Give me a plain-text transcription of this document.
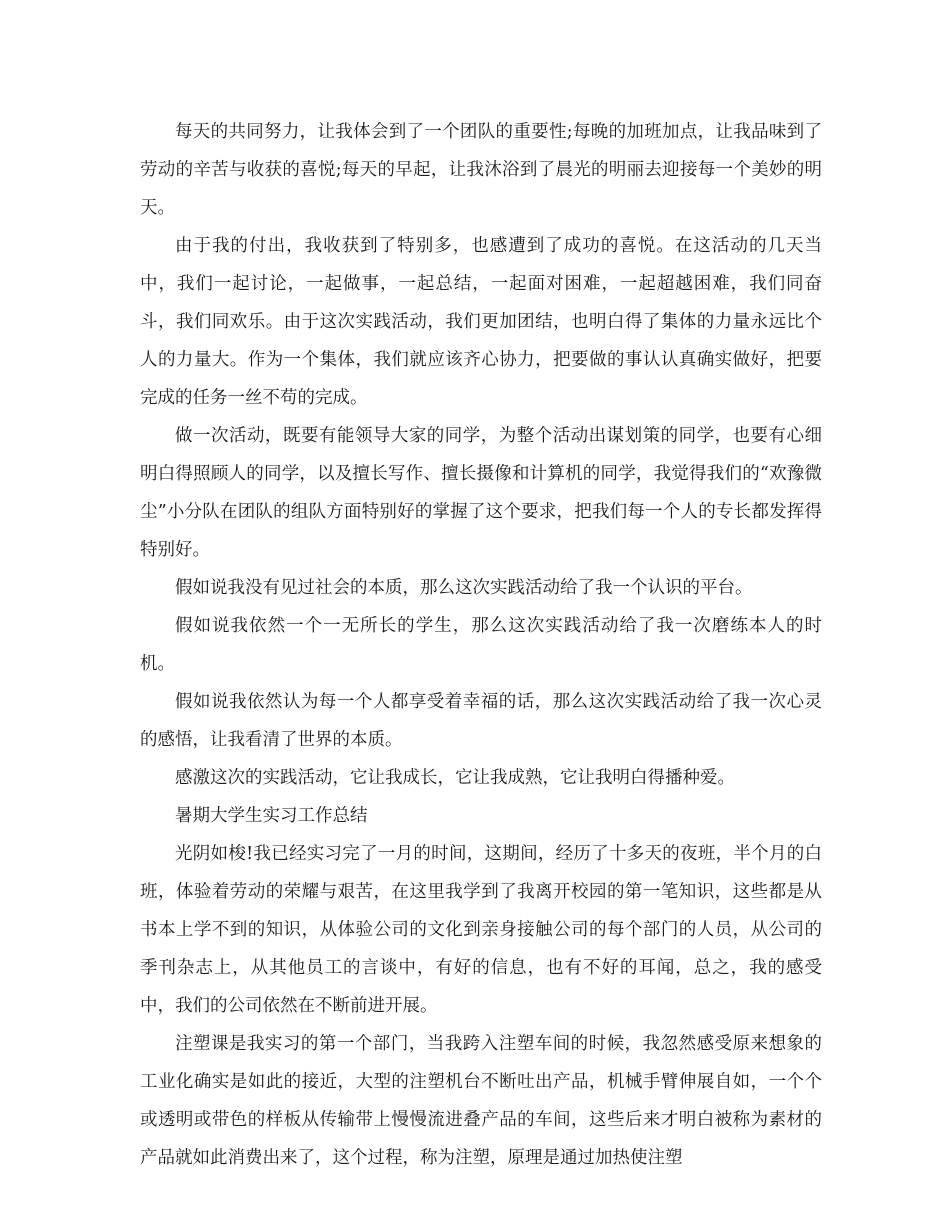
每天的共同努力，让我体会到了一个团队的重要性;每晚的加班加点，让我品味到了劳动的辛苦与收获的喜悦;每天的早起，让我沐浴到了晨光的明丽去迎接每一个美妙的明天。

由于我的付出，我收获到了特别多，也感遭到了成功的喜悦。在这活动的几天当中，我们一起讨论，一起做事，一起总结，一起面对困难，一起超越困难，我们同奋斗，我们同欢乐。由于这次实践活动，我们更加团结，也明白得了集体的力量永远比个人的力量大。作为一个集体，我们就应该齐心协力，把要做的事认认真确实做好，把要完成的任务一丝不苟的完成。

做一次活动，既要有能领导大家的同学，为整个活动出谋划策的同学，也要有心细明白得照顾人的同学，以及擅长写作、擅长摄像和计算机的同学，我觉得我们的“欢豫微尘”小分队在团队的组队方面特别好的掌握了这个要求，把我们每一个人的专长都发挥得特别好。

假如说我没有见过社会的本质，那么这次实践活动给了我一个认识的平台。

假如说我依然一个一无所长的学生，那么这次实践活动给了我一次磨练本人的时机。

假如说我依然认为每一个人都享受着幸福的话，那么这次实践活动给了我一次心灵的感悟，让我看清了世界的本质。

感激这次的实践活动，它让我成长，它让我成熟，它让我明白得播种爱。

暑期大学生实习工作总结

光阴如梭!我已经实习完了一月的时间，这期间，经历了十多天的夜班，半个月的白班，体验着劳动的荣耀与艰苦，在这里我学到了我离开校园的第一笔知识，这些都是从书本上学不到的知识，从体验公司的文化到亲身接触公司的每个部门的人员，从公司的季刊杂志上，从其他员工的言谈中，有好的信息，也有不好的耳闻，总之，我的感受中，我们的公司依然在不断前进开展。

注塑课是我实习的第一个部门，当我跨入注塑车间的时候，我忽然感受原来想象的工业化确实是如此的接近，大型的注塑机台不断吐出产品，机械手臂伸展自如，一个个或透明或带色的样板从传输带上慢慢流进叠产品的车间，这些后来才明白被称为素材的产品就如此消费出来了，这个过程，称为注塑，原理是通过加热使注塑
